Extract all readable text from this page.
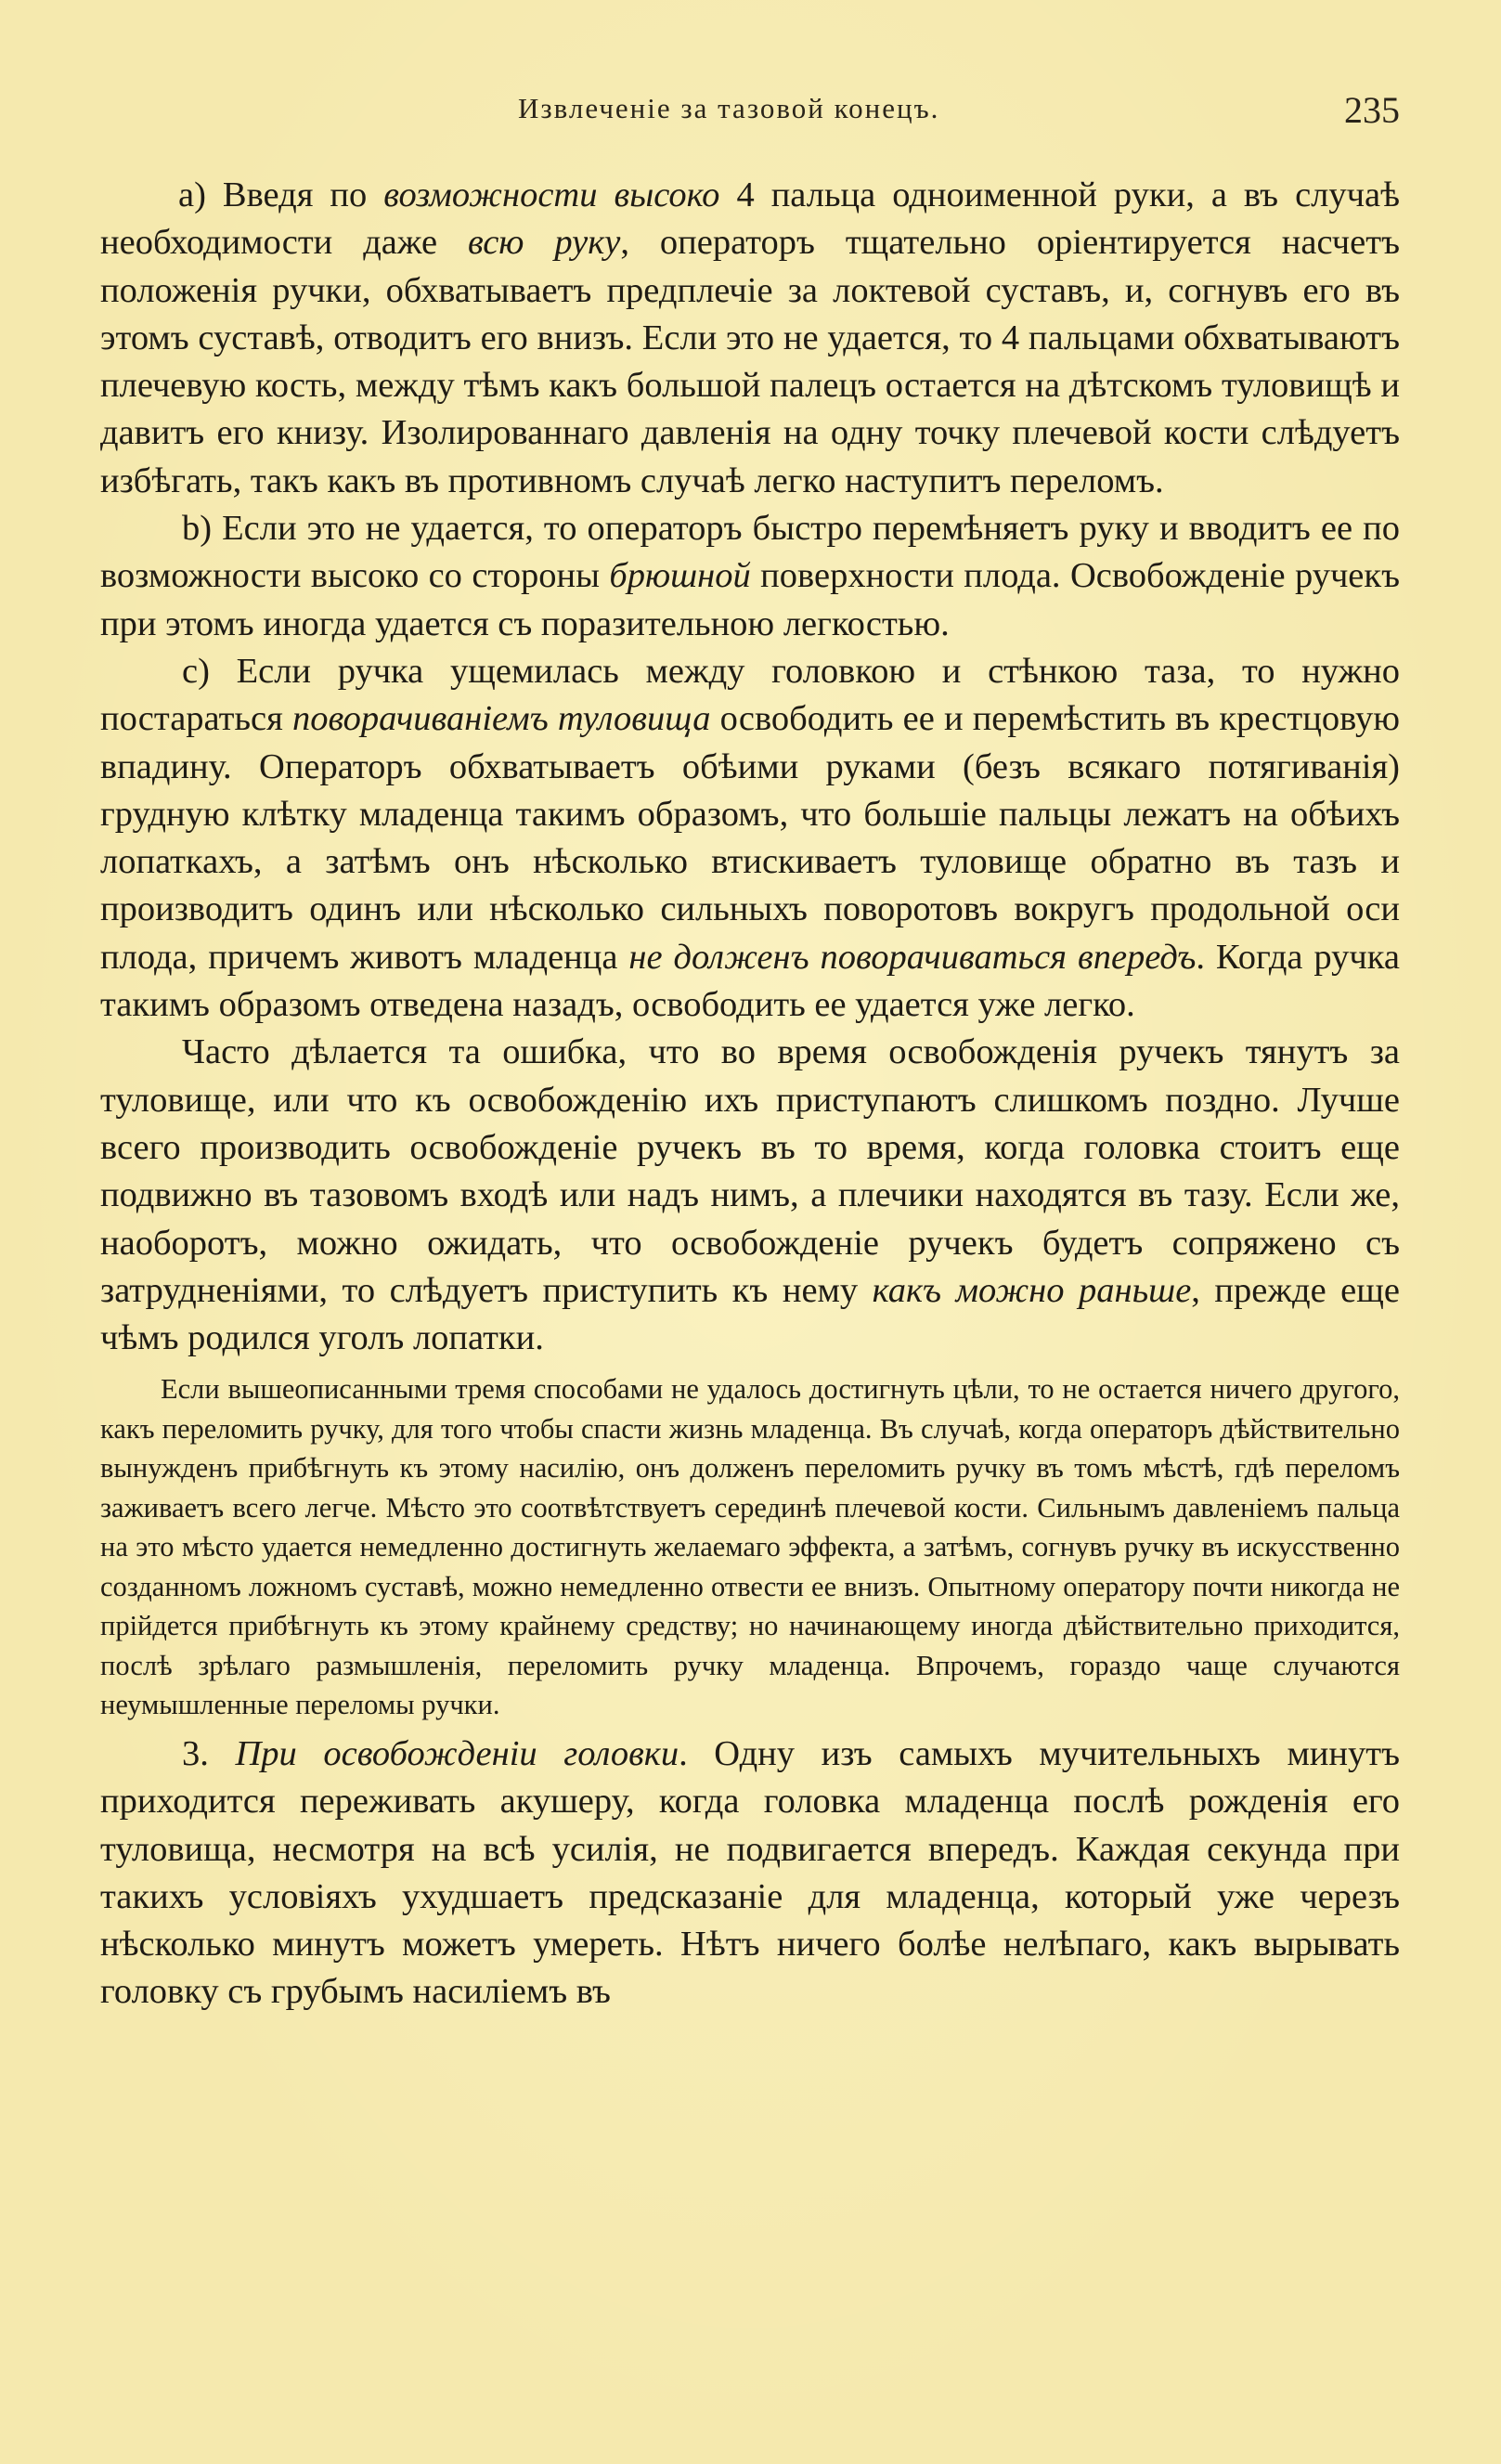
Извлеченіе за тазовой конецъ.	235

а) Введя по возможности высоко 4 пальца одноименной руки, а въ случаѣ необходимости даже всю руку, операторъ тщательно оріентируется насчетъ положенія ручки, обхватываетъ предплечіе за локтевой суставъ, и, согнувъ его въ этомъ суставѣ, отводитъ его внизъ. Если это не удается, то 4 пальцами обхватываютъ плечевую кость, между тѣмъ какъ большой палецъ остается на дѣтскомъ туловищѣ и давитъ его книзу. Изолированнаго давленія на одну точку плечевой кости слѣдуетъ избѣгать, такъ какъ въ противномъ случаѣ легко наступитъ переломъ.

b) Если это не удается, то операторъ быстро перемѣняетъ руку и вводитъ ее по возможности высоко со стороны брюшной поверхности плода. Освобожденіе ручекъ при этомъ иногда удается съ поразительною легкостью.

c) Если ручка ущемилась между головкою и стѣнкою таза, то нужно постараться поворачиваніемъ туловища освободить ее и перемѣстить въ крестцовую впадину. Операторъ обхватываетъ обѣими руками (безъ всякаго потягиванія) грудную клѣтку младенца такимъ образомъ, что большіе пальцы лежатъ на обѣихъ лопаткахъ, а затѣмъ онъ нѣсколько втискиваетъ туловище обратно въ тазъ и производитъ одинъ или нѣсколько сильныхъ поворотовъ вокругъ продольной оси плода, причемъ животъ младенца не долженъ поворачиваться впередъ. Когда ручка такимъ образомъ отведена назадъ, освободить ее удается уже легко.

Часто дѣлается та ошибка, что во время освобожденія ручекъ тянутъ за туловище, или что къ освобожденію ихъ приступаютъ слишкомъ поздно. Лучше всего производить освобожденіе ручекъ въ то время, когда головка стоитъ еще подвижно въ тазовомъ входѣ или надъ нимъ, а плечики находятся въ тазу. Если же, наоборотъ, можно ожидать, что освобожденіе ручекъ будетъ сопряжено съ затрудненіями, то слѣдуетъ приступить къ нему какъ можно раньше, прежде еще чѣмъ родился уголъ лопатки.

Если вышеописанными тремя способами не удалось достигнуть цѣли, то не остается ничего другого, какъ переломить ручку, для того чтобы спасти жизнь младенца. Въ случаѣ, когда операторъ дѣйствительно вынужденъ прибѣгнуть къ этому насилію, онъ долженъ переломить ручку въ томъ мѣстѣ, гдѣ переломъ заживаетъ всего легче. Мѣсто это соотвѣтствуетъ серединѣ плечевой кости. Сильнымъ давленіемъ пальца на это мѣсто удается немедленно достигнуть желаемаго эффекта, а затѣмъ, согнувъ ручку въ искусственно созданномъ ложномъ суставѣ, можно немедленно отвести ее внизъ. Опытному оператору почти никогда не прійдется прибѣгнуть къ этому крайнему средству; но начинающему иногда дѣйствительно приходится, послѣ зрѣлаго размышленія, переломить ручку младенца. Впрочемъ, гораздо чаще случаются неумышленные переломы ручки.

3. При освобожденіи головки. Одну изъ самыхъ мучительныхъ минутъ приходится переживать акушеру, когда головка младенца послѣ рожденія его туловища, несмотря на всѣ усилія, не подвигается впередъ. Каждая секунда при такихъ условіяхъ ухудшаетъ предсказаніе для младенца, который уже черезъ нѣсколько минутъ можетъ умереть. Нѣтъ ничего болѣе нелѣпаго, какъ вырывать головку съ грубымъ насиліемъ въ
